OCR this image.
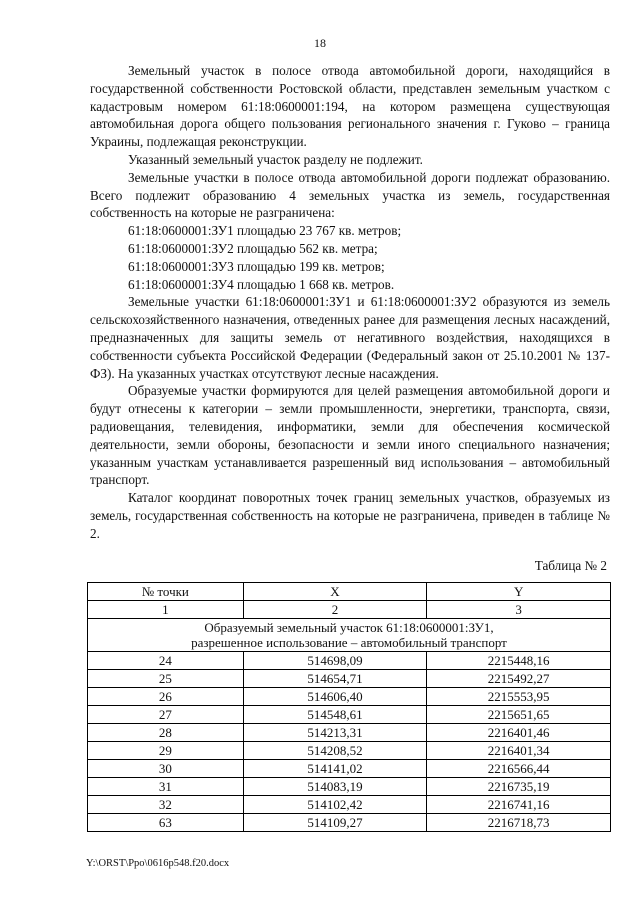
18

Земельный участок в полосе отвода автомобильной дороги, находящийся в государственной собственности Ростовской области, представлен земельным участком с кадастровым номером 61:18:0600001:194, на котором размещена существующая автомобильная дорога общего пользования регионального значения г. Гуково – граница Украины, подлежащая реконструкции.

Указанный земельный участок разделу не подлежит.

Земельные участки в полосе отвода автомобильной дороги подлежат образованию. Всего подлежит образованию 4 земельных участка из земель, государственная собственность на которые не разграничена:

61:18:0600001:ЗУ1 площадью 23 767 кв. метров;

61:18:0600001:ЗУ2 площадью 562 кв. метра;

61:18:0600001:ЗУ3 площадью 199 кв. метров;

61:18:0600001:ЗУ4 площадью 1 668 кв. метров.

Земельные участки 61:18:0600001:ЗУ1 и 61:18:0600001:ЗУ2 образуются из земель сельскохозяйственного назначения, отведенных ранее для размещения лесных насаждений, предназначенных для защиты земель от негативного воздействия, находящихся в собственности субъекта Российской Федерации (Федеральный закон от 25.10.2001 № 137-ФЗ). На указанных участках отсутствуют лесные насаждения.

Образуемые участки формируются для целей размещения автомобильной дороги и будут отнесены к категории – земли промышленности, энергетики, транспорта, связи, радиовещания, телевидения, информатики, земли для обеспечения космической деятельности, земли обороны, безопасности и земли иного специального назначения; указанным участкам устанавливается разрешенный вид использования – автомобильный транспорт.

Каталог координат поворотных точек границ земельных участков, образуемых из земель, государственная собственность на которые не разграничена, приведен в таблице № 2.

Таблица № 2
№ точки	X	Y
1	2	3
Образуемый земельный участок 61:18:0600001:ЗУ1,
разрешенное использование – автомобильный транспорт		
24	514698,09	2215448,16
25	514654,71	2215492,27
26	514606,40	2215553,95
27	514548,61	2215651,65
28	514213,31	2216401,46
29	514208,52	2216401,34
30	514141,02	2216566,44
31	514083,19	2216735,19
32	514102,42	2216741,16
63	514109,27	2216718,73
Y:\ORST\Ppo\0616p548.f20.docx
